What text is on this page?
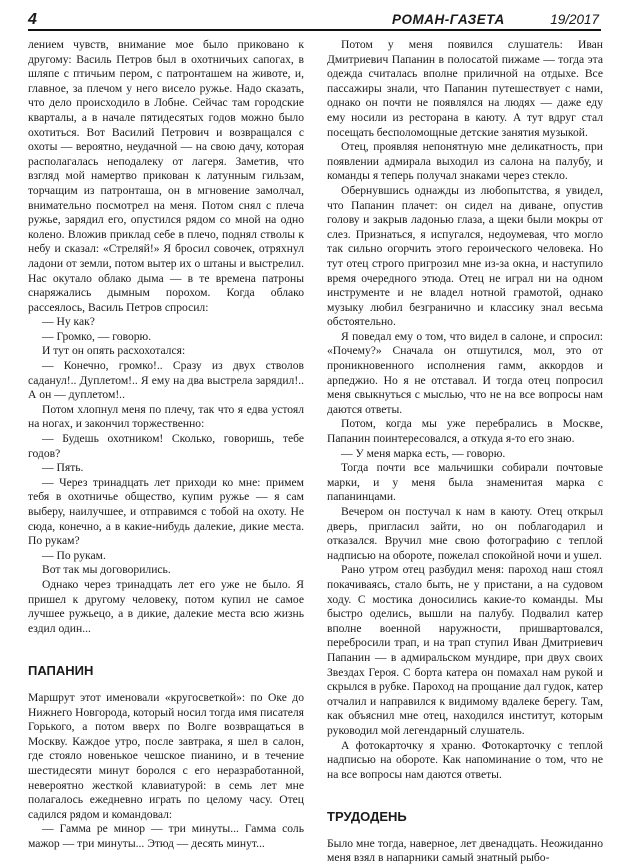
4	РОМАН-ГАЗЕТА	19/2017

лением чувств, внимание мое было приковано к другому: Василь Петров был в охотничьих сапогах, в шляпе с птичьим пером, с патронташем на животе, и, главное, за плечом у него висело ружье. Надо сказать, что дело происходило в Лобне. Сейчас там городские кварталы, а в начале пятидесятых годов можно было охотиться. Вот Василий Петрович и возвращался с охоты — вероятно, неудачной — на свою дачу, которая располагалась неподалеку от лагеря. Заметив, что взгляд мой намертво прикован к латунным гильзам, торчащим из патронташа, он в мгновение замолчал, внимательно посмотрел на меня. Потом снял с плеча ружье, зарядил его, опустился рядом со мной на одно колено. Вложив приклад себе в плечо, поднял стволы к небу и сказал: «Стреляй!» Я бросил совочек, отряхнул ладони от земли, потом вытер их о штаны и выстрелил. Нас окутало облако дыма — в те времена патроны снаряжались дымным порохом. Когда облако рассеялось, Василь Петров спросил:

— Ну как?

— Громко, — говорю.

И тут он опять расхохотался:

— Конечно, громко!.. Сразу из двух стволов саданул!.. Дуплетом!.. Я ему на два выстрела зарядил!.. А он — дуплетом!..

Потом хлопнул меня по плечу, так что я едва устоял на ногах, и закончил торжественно:

— Будешь охотником! Сколько, говоришь, тебе годов?

— Пять.

— Через тринадцать лет приходи ко мне: примем тебя в охотничье общество, купим ружье — я сам выберу, наилучшее, и отправимся с тобой на охоту. Не сюда, конечно, а в какие-нибудь далекие, дикие места. По рукам?

— По рукам.

Вот так мы договорились.

Однако через тринадцать лет его уже не было. Я пришел к другому человеку, потом купил не самое лучшее ружьецо, а в дикие, далекие места всю жизнь ездил один...

ПАПАНИН

Маршрут этот именовали «кругосветкой»: по Оке до Нижнего Новгорода, который носил тогда имя писателя Горького, а потом вверх по Волге возвращаться в Москву. Каждое утро, после завтрака, я шел в салон, где стояло новенькое чешское пианино, и в течение шестидесяти минут боролся с его неразработанной, невероятно жесткой клавиатурой: в семь лет мне полагалось ежедневно играть по целому часу. Отец садился рядом и командовал:

— Гамма ре минор — три минуты... Гамма соль мажор — три минуты... Этюд — десять минут...

Потом у меня появился слушатель: Иван Дмитриевич Папанин в полосатой пижаме — тогда эта одежда считалась вполне приличной на отдыхе. Все пассажиры знали, что Папанин путешествует с нами, однако он почти не появлялся на людях — даже еду ему носили из ресторана в каюту. А тут вдруг стал посещать бесполомощные детские занятия музыкой.

Отец, проявляя непонятную мне деликатность, при появлении адмирала выходил из салона на палубу, и команды я теперь получал знаками через стекло.

Обернувшись однажды из любопытства, я увидел, что Папанин плачет: он сидел на диване, опустив голову и закрыв ладонью глаза, а щеки были мокры от слез. Признаться, я испугался, недоумевая, что могло так сильно огорчить этого героического человека. Но тут отец строго пригрозил мне из-за окна, и наступило время очередного этюда. Отец не играл ни на одном инструменте и не владел нотной грамотой, однако музыку любил безгранично и классику знал весьма обстоятельно.

Я поведал ему о том, что видел в салоне, и спросил: «Почему?» Сначала он отшутился, мол, это от проникновенного исполнения гамм, аккордов и арпеджио. Но я не отставал. И тогда отец попросил меня свыкнуться с мыслью, что не на все вопросы нам даются ответы.

Потом, когда мы уже перебрались в Москве, Папанин поинтересовался, а откуда я-то его знаю.

— У меня марка есть, — говорю.

Тогда почти все мальчишки собирали почтовые марки, и у меня была знаменитая марка с папанинцами.

Вечером он постучал к нам в каюту. Отец открыл дверь, пригласил зайти, но он поблагодарил и отказался. Вручил мне свою фотографию с теплой надписью на обороте, пожелал спокойной ночи и ушел.

Рано утром отец разбудил меня: пароход наш стоял покачиваясь, стало быть, не у пристани, а на судовом ходу. С мостика доносились какие-то команды. Мы быстро оделись, вышли на палубу. Подвалил катер вполне военной наружности, пришвартовался, перебросили трап, и на трап ступил Иван Дмитриевич Папанин — в адмиральском мундире, при двух своих Звездах Героя. С борта катера он помахал нам рукой и скрылся в рубке. Пароход на прощание дал гудок, катер отчалил и направился к видимому вдалеке берегу. Там, как объяснил мне отец, находился институт, которым руководил мой легендарный слушатель.

А фотокарточку я храню. Фотокарточку с теплой надписью на обороте. Как напоминание о том, что не на все вопросы нам даются ответы.

ТРУДОДЕНЬ

Было мне тогда, наверное, лет двенадцать. Неожиданно меня взял в напарники самый знатный рыбо-
